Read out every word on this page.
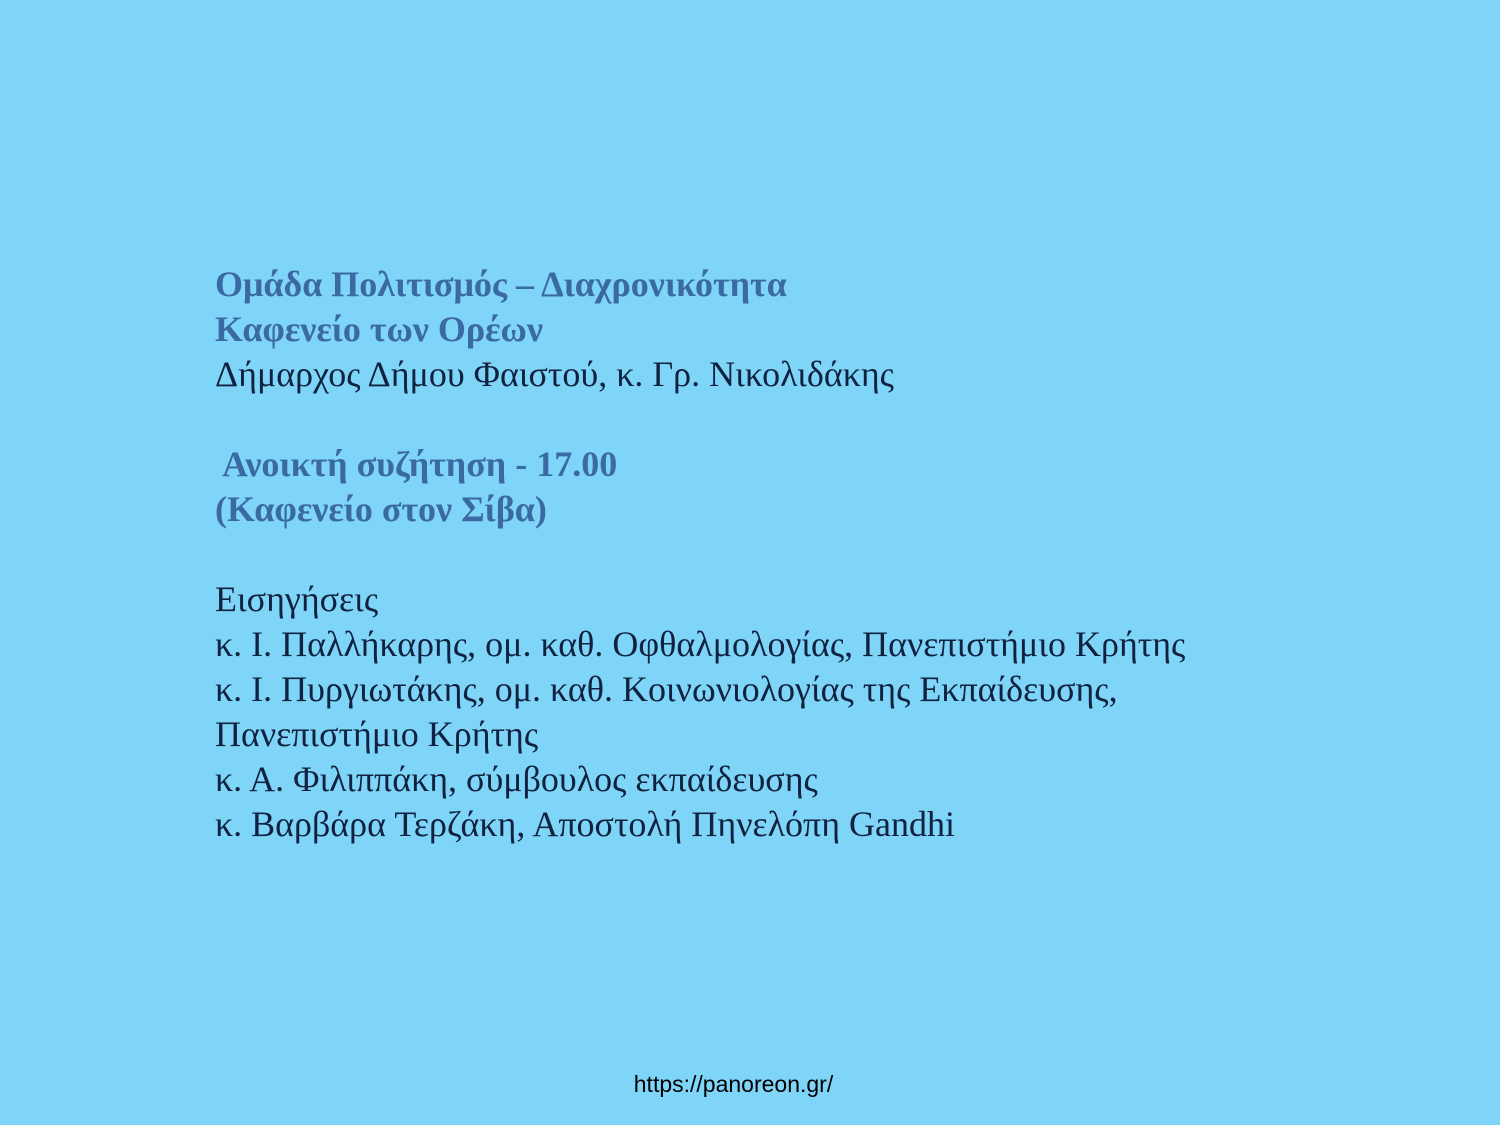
Ομάδα Πολιτισμός – Διαχρονικότητα
Καφενείο των Ορέων
Δήμαρχος Δήμου Φαιστού, κ. Γρ. Νικολιδάκης
Ανοικτή συζήτηση - 17.00
(Καφενείο στον Σίβα)
Εισηγήσεις
κ. Ι. Παλλήκαρης, ομ. καθ. Οφθαλμολογίας, Πανεπιστήμιο Κρήτης
κ. Ι. Πυργιωτάκης, ομ. καθ. Κοινωνιολογίας της Εκπαίδευσης,
Πανεπιστήμιο Κρήτης
κ. Α. Φιλιππάκη, σύμβουλος εκπαίδευσης
κ. Βαρβάρα Τερζάκη, Αποστολή Πηνελόπη Gandhi
https://panoreon.gr/
